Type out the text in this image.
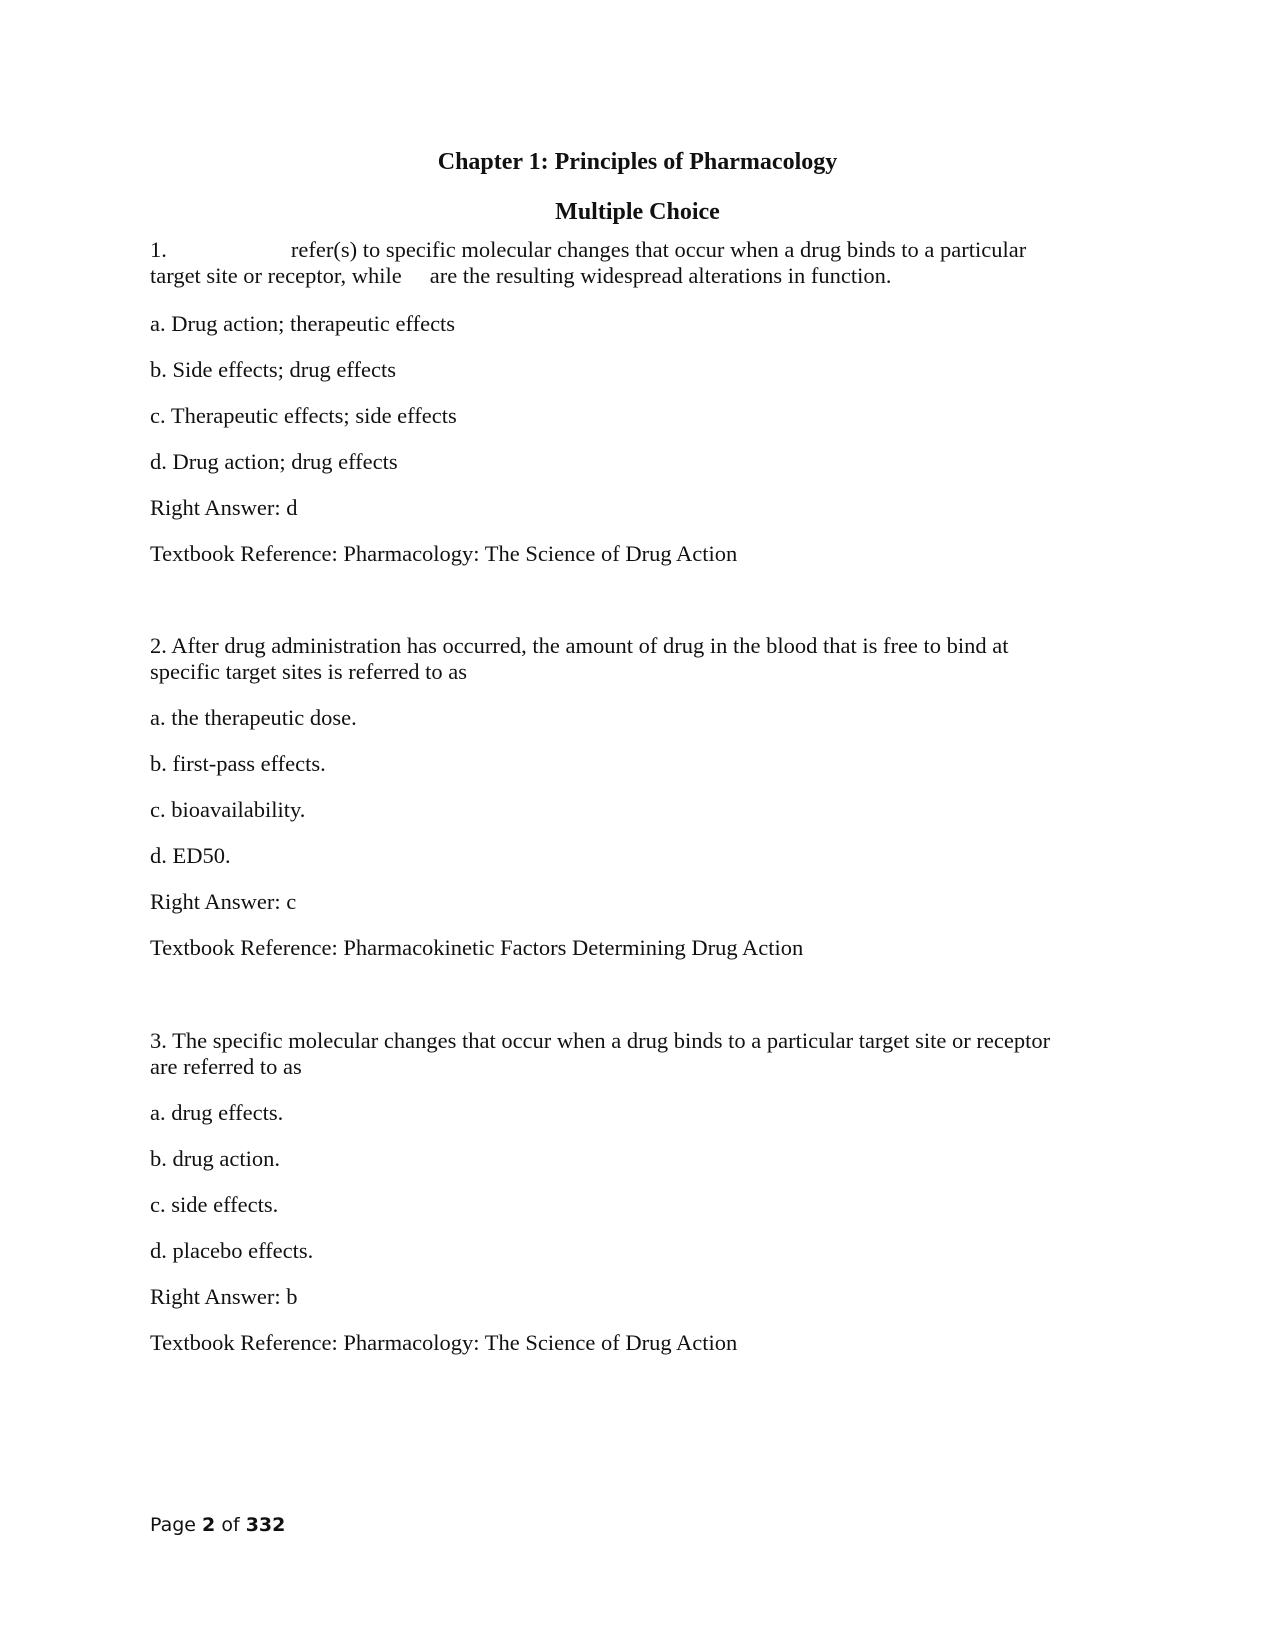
Chapter 1: Principles of Pharmacology
Multiple Choice

1.	refer(s) to specific molecular changes that occur when a drug binds to a particular

target site or receptor, while are the resulting widespread alterations in function.

a. Drug action; therapeutic effects

b. Side effects; drug effects

c. Therapeutic effects; side effects

d. Drug action; drug effects

Right Answer: d

Textbook Reference: Pharmacology: The Science of Drug Action

2. After drug administration has occurred, the amount of drug in the blood that is free to bind at

specific target sites is referred to as

a. the therapeutic dose.

b. first-pass effects.

c. bioavailability.

d. ED50.

Right Answer: c

Textbook Reference: Pharmacokinetic Factors Determining Drug Action

3. The specific molecular changes that occur when a drug binds to a particular target site or receptor

are referred to as

a. drug effects.

b. drug action.

c. side effects.

d. placebo effects.

Right Answer: b

Textbook Reference: Pharmacology: The Science of Drug Action

Page 2 of 332
